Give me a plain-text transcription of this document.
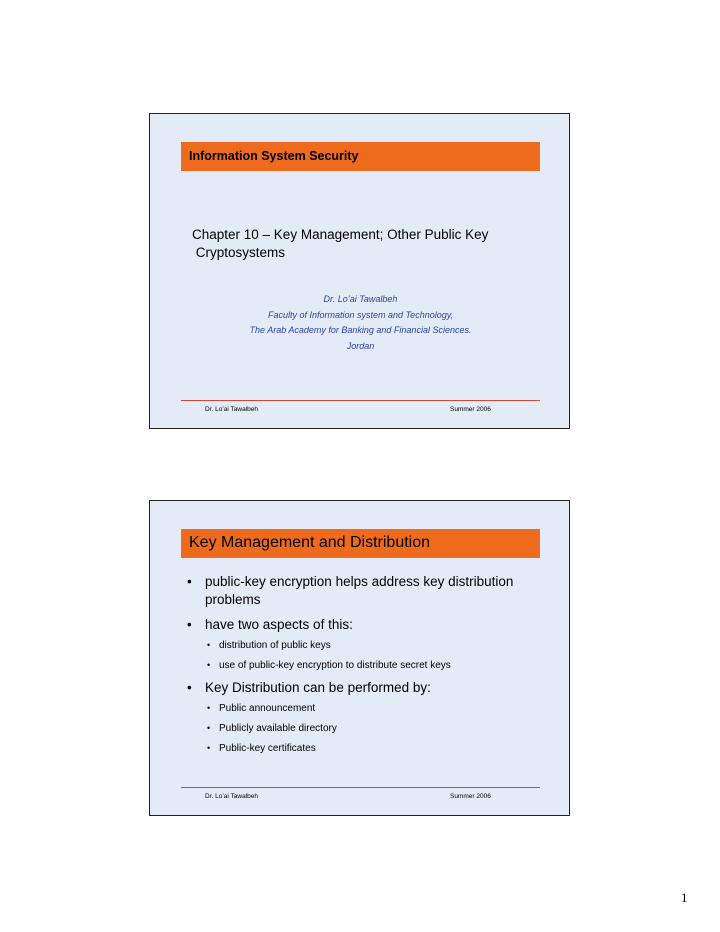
Information System Security
Chapter 10 – Key Management; Other Public Key
Cryptosystems
Dr. Lo’ai Tawalbeh
Faculty of Information system and Technology,
The Arab Academy for Banking and Financial Sciences.
Jordan
Dr. Lo’ai Tawalbeh	Summer 2006
Key Management and Distribution
• public-key encryption helps address key distribution problems
• have two aspects of this:
• distribution of public keys
• use of public-key encryption to distribute secret keys
• Key Distribution can be performed by:
• Public announcement
• Publicly available directory
• Public-key certificates
Dr. Lo’ai Tawalbeh	Summer 2006
1
